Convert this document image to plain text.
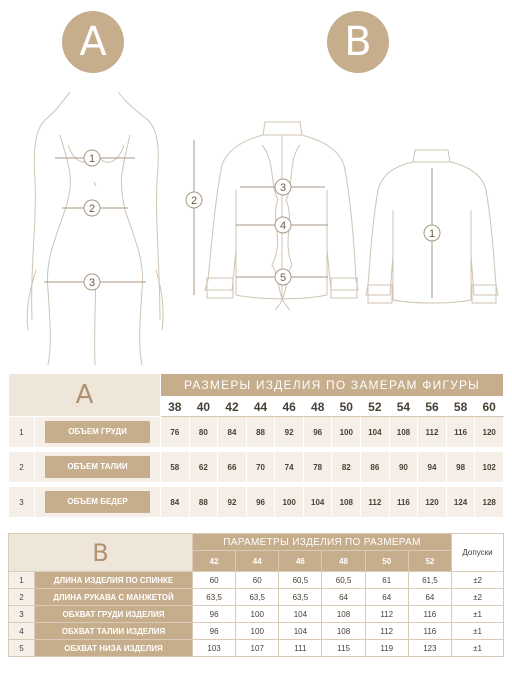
A	B
1
2
3
2
3
4
5
1
A		РАЗМЕРЫ ИЗДЕЛИЯ ПО ЗАМЕРАМ ФИГУРЫ											
		38	40	42	44	46	48	50	52	54	56	58	60
1	ОБЪЕМ ГРУДИ	76	80	84	88	92	96	100	104	108	112	116	120

2	ОБЪЕМ ТАЛИИ	58	62	66	70	74	78	82	86	90	94	98	102

3	ОБЪЕМ БЕДЕР	84	88	92	96	100	104	108	112	116	120	124	128
B		ПАРАМЕТРЫ ИЗДЕЛИЯ ПО РАЗМЕРАМ						Допуски
		42	44	46	48	50	52	
1	ДЛИНА ИЗДЕЛИЯ ПО СПИНКЕ	60	60	60,5	60,5	61	61,5	±2
2	ДЛИНА РУКАВА С МАНЖЕТОЙ	63,5	63,5	63,5	64	64	64	±2
3	ОБХВАТ ГРУДИ ИЗДЕЛИЯ	96	100	104	108	112	116	±1
4	ОБХВАТ ТАЛИИ ИЗДЕЛИЯ	96	100	104	108	112	116	±1
5	ОБХВАТ НИЗА ИЗДЕЛИЯ	103	107	111	115	119	123	±1
